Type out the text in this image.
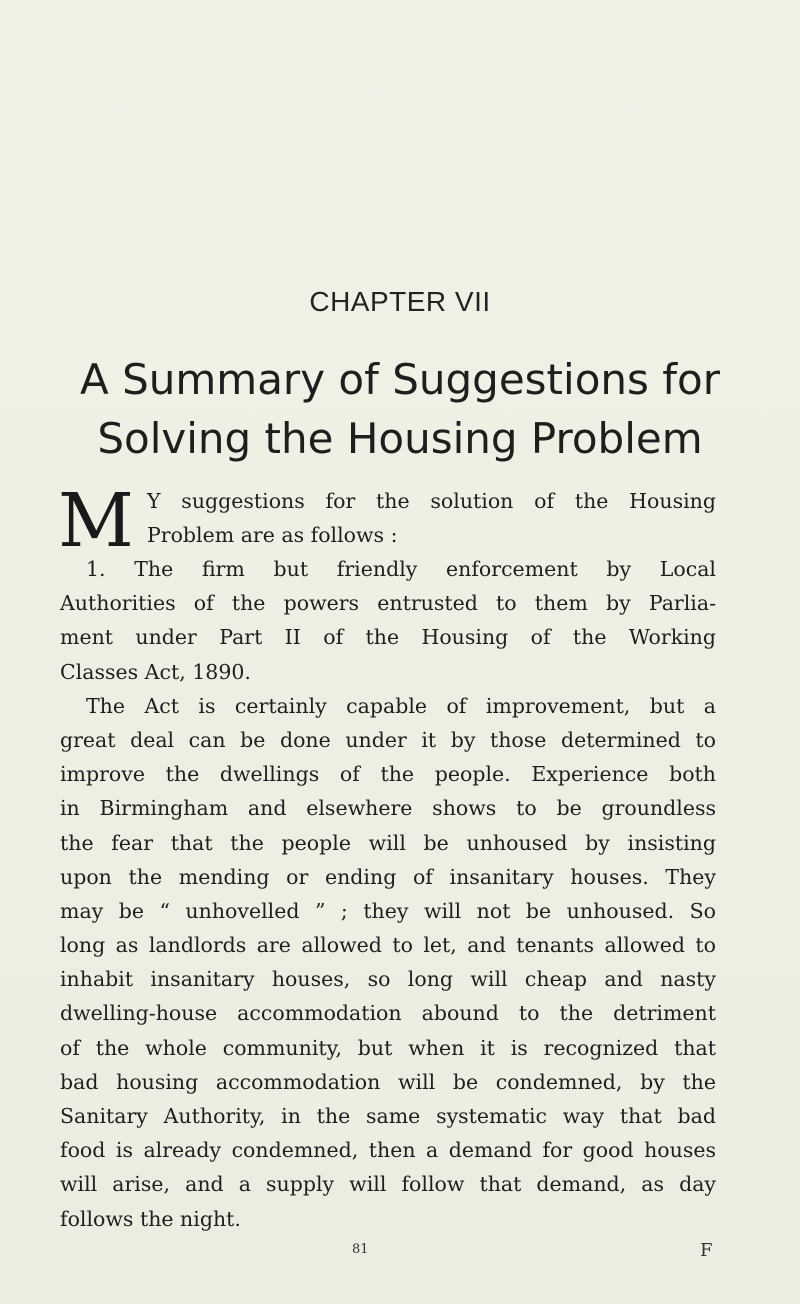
CHAPTER VII
A Summary of Suggestions for
Solving the Housing Problem
M Y suggestions for the solution of the Housing
Problem are as follows :
1. The firm but friendly enforcement by Local
Authorities of the powers entrusted to them by Parlia-
ment under Part II of the Housing of the Working
Classes Act, 1890.
The Act is certainly capable of improvement, but a
great deal can be done under it by those determined to
improve the dwellings of the people. Experience both
in Birmingham and elsewhere shows to be groundless
the fear that the people will be unhoused by insisting
upon the mending or ending of insanitary houses. They
may be “ unhovelled ” ; they will not be unhoused. So
long as landlords are allowed to let, and tenants allowed to
inhabit insanitary houses, so long will cheap and nasty
dwelling-house accommodation abound to the detriment
of the whole community, but when it is recognized that
bad housing accommodation will be condemned, by the
Sanitary Authority, in the same systematic way that bad
food is already condemned, then a demand for good houses
will arise, and a supply will follow that demand, as day
follows the night.
81	F
